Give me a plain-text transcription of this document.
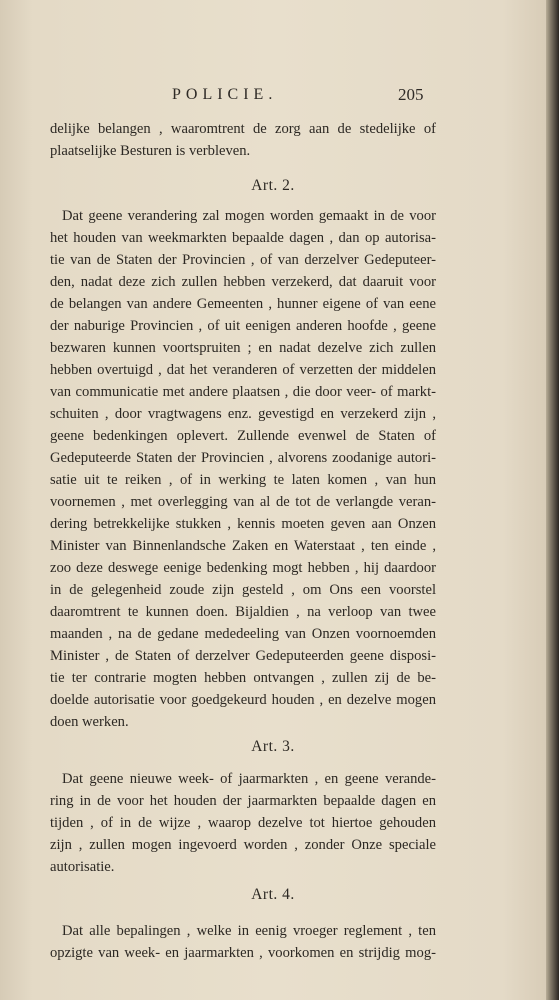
POLICIE.	205

delijke belangen , waaromtrent de zorg aan de stedelijke of

plaatselijke Besturen is verbleven.

Art. 2.

Dat geene verandering zal mogen worden gemaakt in de voor

het houden van weekmarkten bepaalde dagen , dan op autorisa-

tie van de Staten der Provincien , of van derzelver Gedeputeer-

den, nadat deze zich zullen hebben verzekerd, dat daaruit voor

de belangen van andere Gemeenten , hunner eigene of van eene

der naburige Provincien , of uit eenigen anderen hoofde , geene

bezwaren kunnen voortspruiten ; en nadat dezelve zich zullen

hebben overtuigd , dat het veranderen of verzetten der middelen

van communicatie met andere plaatsen , die door veer- of markt-

schuiten , door vragtwagens enz. gevestigd en verzekerd zijn ,

geene bedenkingen oplevert. Zullende evenwel de Staten of

Gedeputeerde Staten der Provincien , alvorens zoodanige autori-

satie uit te reiken , of in werking te laten komen , van hun

voornemen , met overlegging van al de tot de verlangde veran-

dering betrekkelijke stukken , kennis moeten geven aan Onzen

Minister van Binnenlandsche Zaken en Waterstaat , ten einde ,

zoo deze deswege eenige bedenking mogt hebben , hij daardoor

in de gelegenheid zoude zijn gesteld , om Ons een voorstel

daaromtrent te kunnen doen. Bijaldien , na verloop van twee

maanden , na de gedane mededeeling van Onzen voornoemden

Minister , de Staten of derzelver Gedeputeerden geene disposi-

tie ter contrarie mogten hebben ontvangen , zullen zij de be-

doelde autorisatie voor goedgekeurd houden , en dezelve mogen

doen werken.

Art. 3.

Dat geene nieuwe week- of jaarmarkten , en geene verande-

ring in de voor het houden der jaarmarkten bepaalde dagen en

tijden , of in de wijze , waarop dezelve tot hiertoe gehouden

zijn , zullen mogen ingevoerd worden , zonder Onze speciale

autorisatie.

Art. 4.

Dat alle bepalingen , welke in eenig vroeger reglement , ten

opzigte van week- en jaarmarkten , voorkomen en strijdig mog-
